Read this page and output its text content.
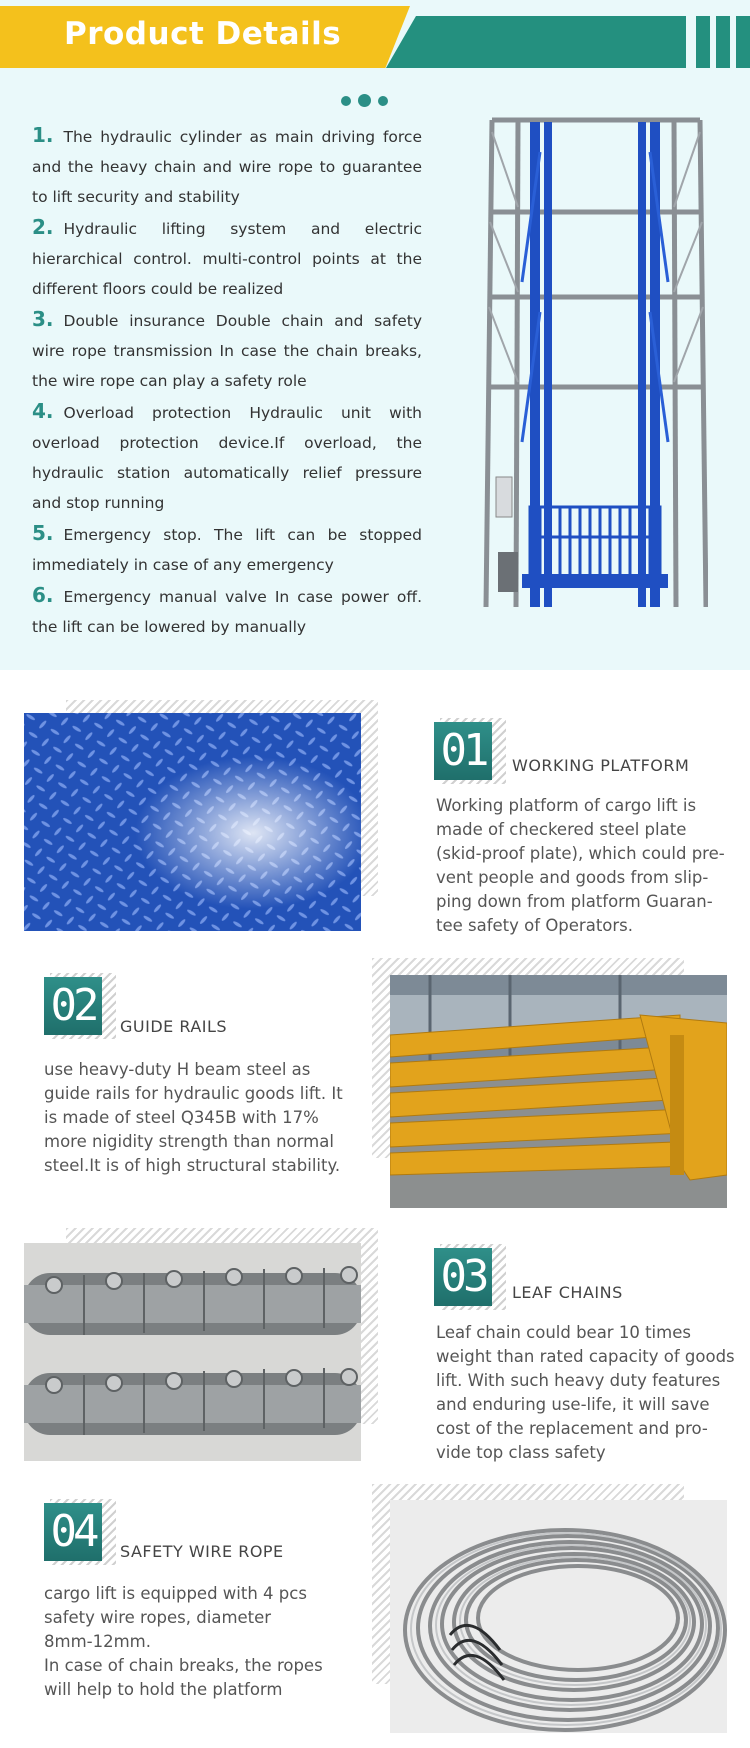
Product Details

1. The hydraulic cylinder as main driving force and the heavy chain and wire rope to guarantee to lift security and stability

2. Hydraulic lifting system and electric hierarchical control. multi-control points at the different floors could be realized

3. Double insurance Double chain and safety wire rope transmission In case the chain breaks, the wire rope can play a safety role

4. Overload protection Hydraulic unit with overload protection device.If overload, the hydraulic station automatically relief pressure and stop running

5. Emergency stop. The lift can be stopped immediately in case of any emergency

6. Emergency manual valve In case power off. the lift can be lowered by manually

01	WORKING PLATFORM
Working platform of cargo lift is
made of checkered steel plate
(skid-proof plate), which could pre-
vent people and goods from slip-
ping down from platform Guaran-
tee safety of Operators.
02	GUIDE RAILS
use heavy-duty H beam steel as
guide rails for hydraulic goods lift. It
is made of steel Q345B with 17%
more nigidity strength than normal
steel.It is of high structural stability.
03	LEAF CHAINS
Leaf chain could bear 10 times
weight than rated capacity of goods
lift. With such heavy duty features
and enduring use-life, it will save
cost of the replacement and pro-
vide top class safety
04	SAFETY WIRE ROPE
cargo lift is equipped with 4 pcs
safety wire ropes, diameter
8mm-12mm.
In case of chain breaks, the ropes
will help to hold the platform
